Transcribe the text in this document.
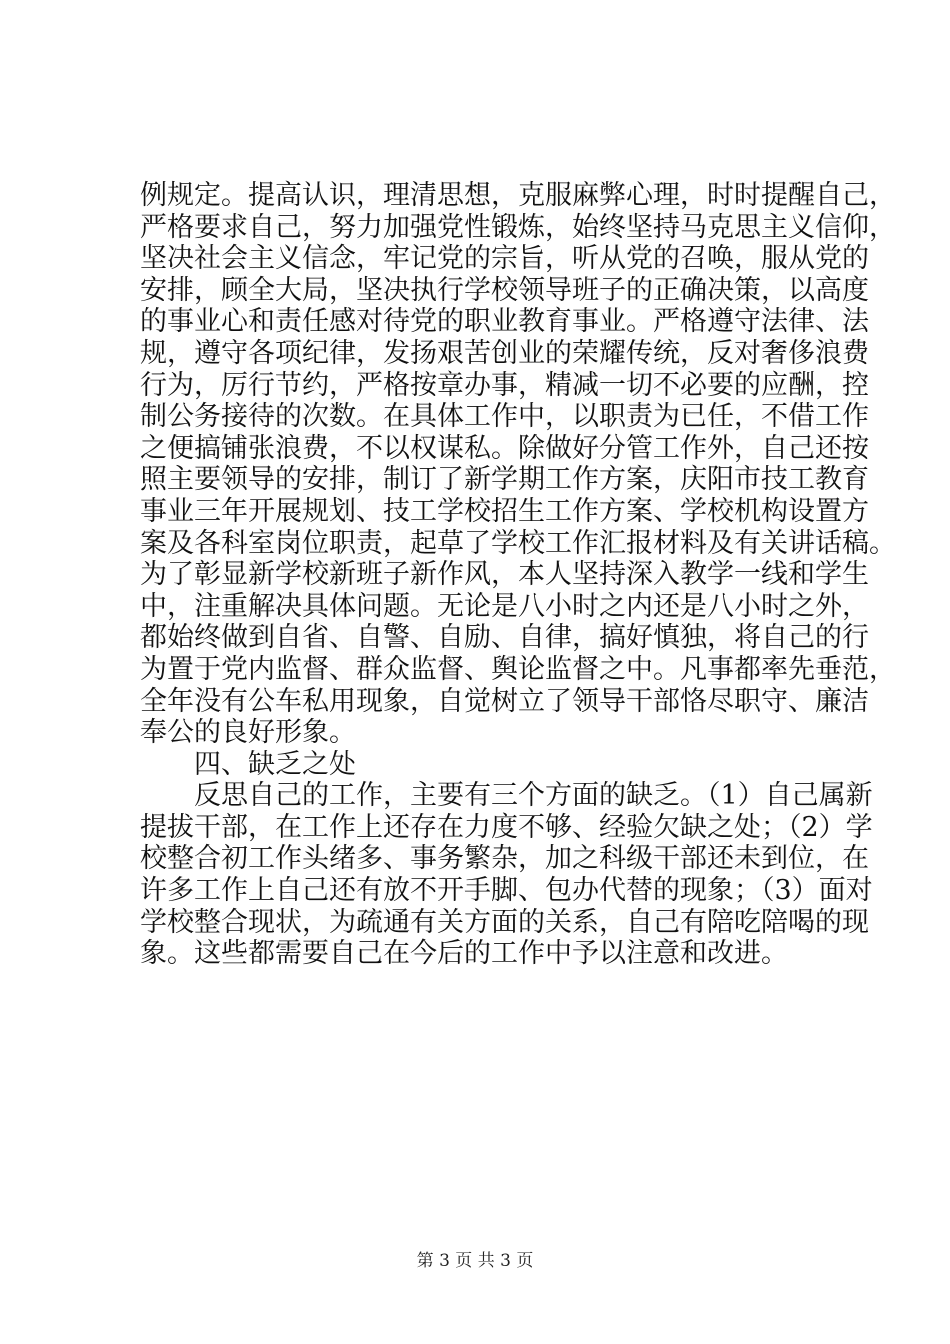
例规定。提高认识，理清思想，克服麻弊心理，时时提醒自己，
严格要求自己，努力加强党性锻炼，始终坚持马克思主义信仰，
坚决社会主义信念，牢记党的宗旨，听从党的召唤，服从党的
安排，顾全大局，坚决执行学校领导班子的正确决策，以高度
的事业心和责任感对待党的职业教育事业。严格遵守法律、法
规，遵守各项纪律，发扬艰苦创业的荣耀传统，反对奢侈浪费
行为，厉行节约，严格按章办事，精减一切不必要的应酬，控
制公务接待的次数。在具体工作中，以职责为已任，不借工作
之便搞铺张浪费，不以权谋私。除做好分管工作外，自己还按
照主要领导的安排，制订了新学期工作方案，庆阳市技工教育
事业三年开展规划、技工学校招生工作方案、学校机构设置方
案及各科室岗位职责，起草了学校工作汇报材料及有关讲话稿。
为了彰显新学校新班子新作风，本人坚持深入教学一线和学生
中，注重解决具体问题。无论是八小时之内还是八小时之外，
都始终做到自省、自警、自励、自律，搞好慎独，将自己的行
为置于党内监督、群众监督、舆论监督之中。凡事都率先垂范，
全年没有公车私用现象，自觉树立了领导干部恪尽职守、廉洁
奉公的良好形象。
四、缺乏之处
反思自己的工作，主要有三个方面的缺乏。（1）自己属新
提拔干部，在工作上还存在力度不够、经验欠缺之处；（2）学
校整合初工作头绪多、事务繁杂，加之科级干部还未到位，在
许多工作上自己还有放不开手脚、包办代替的现象；（3）面对
学校整合现状，为疏通有关方面的关系，自己有陪吃陪喝的现
象。这些都需要自己在今后的工作中予以注意和改进。
第 3 页 共 3 页
